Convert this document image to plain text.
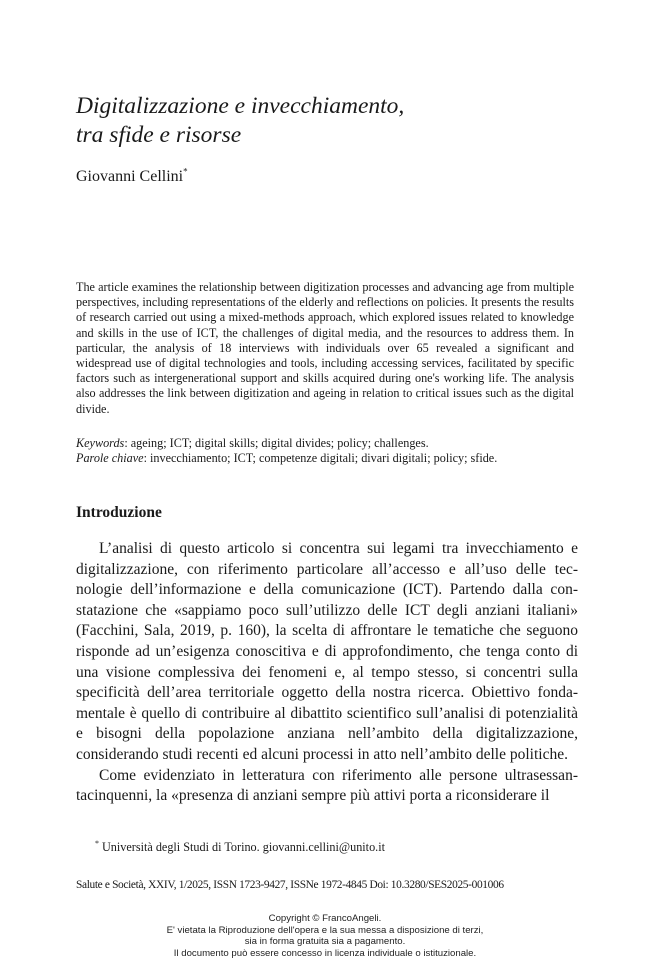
Digitalizzazione e invecchiamento,
tra sfide e risorse
Giovanni Cellini*

The article examines the relationship between digitization processes and advancing age from multiple perspectives, including representations of the elderly and reflections on policies. It presents the results of research carried out using a mixed-methods approach, which explored issues related to knowledge and skills in the use of ICT, the challenges of digital media, and the resources to address them. In particular, the analysis of 18 interviews with individuals over 65 revealed a significant and widespread use of digital technologies and tools, including accessing services, facilitated by specific factors such as intergenerational support and skills acquired during one's working life. The analysis also addresses the link between digitization and ageing in relation to critical issues such as the digital divide.

Keywords: ageing; ICT; digital skills; digital divides; policy; challenges.
Parole chiave: invecchiamento; ICT; competenze digitali; divari digitali; policy; sfide.
Introduzione

L’analisi di questo articolo si concentra sui legami tra invecchiamento e digitalizzazione, con riferimento particolare all’accesso e all’uso delle tecnologie dell’informazione e della comunicazione (ICT). Partendo dalla constatazione che «sappiamo poco sull’utilizzo delle ICT degli anziani italiani» (Facchini, Sala, 2019, p. 160), la scelta di affrontare le tematiche che seguono risponde ad un’esigenza conoscitiva e di approfondimento, che tenga conto di una visione complessiva dei fenomeni e, al tempo stesso, si concentri sulla specificità dell’area territoriale oggetto della nostra ricerca. Obiettivo fondamentale è quello di contribuire al dibattito scientifico sull’analisi di potenzialità e bisogni della popolazione anziana nell’ambito della digitalizzazione, considerando studi recenti ed alcuni processi in atto nell’ambito delle politiche.

Come evidenziato in letteratura con riferimento alle persone ultrasessantacinquenni, la «presenza di anziani sempre più attivi porta a riconsiderare il

* Università degli Studi di Torino. giovanni.cellini@unito.it
Salute e Società, XXIV, 1/2025, ISSN 1723-9427, ISSNe 1972-4845 Doi: 10.3280/SES2025-001006
Copyright © FrancoAngeli.
E' vietata la Riproduzione dell'opera e la sua messa a disposizione di terzi,
sia in forma gratuita sia a pagamento.
Il documento può essere concesso in licenza individuale o istituzionale.
